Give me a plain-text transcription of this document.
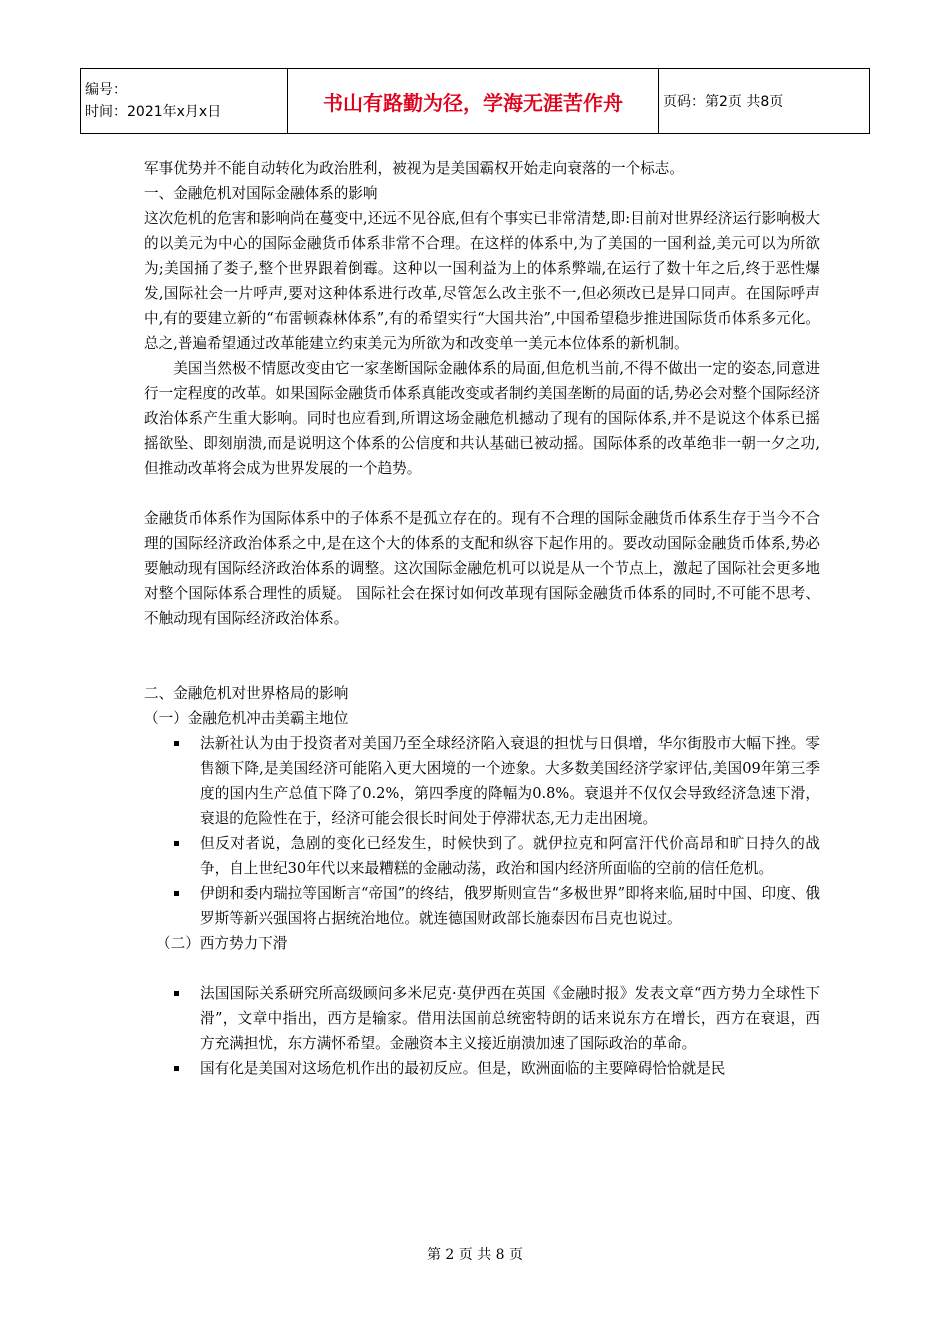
编号：
时间：2021年x月x日	书山有路勤为径，学海无涯苦作舟	页码：第2页 共8页

军事优势并不能自动转化为政治胜利，被视为是美国霸权开始走向衰落的一个标志。

一、金融危机对国际金融体系的影响

这次危机的危害和影响尚在蔓变中,还远不见谷底,但有个事实已非常清楚,即:目前对世界经济运行影响极大的以美元为中心的国际金融货币体系非常不合理。在这样的体系中,为了美国的一国利益,美元可以为所欲为;美国捅了娄子,整个世界跟着倒霉。这种以一国利益为上的体系弊端,在运行了数十年之后,终于恶性爆发,国际社会一片呼声,要对这种体系进行改革,尽管怎么改主张不一,但必须改已是异口同声。在国际呼声中,有的要建立新的“布雷顿森林体系”,有的希望实行“大国共治”,中国希望稳步推进国际货币体系多元化。总之,普遍希望通过改革能建立约束美元为所欲为和改变单一美元本位体系的新机制。

美国当然极不情愿改变由它一家垄断国际金融体系的局面,但危机当前,不得不做出一定的姿态,同意进行一定程度的改革。如果国际金融货币体系真能改变或者制约美国垄断的局面的话,势必会对整个国际经济政治体系产生重大影响。同时也应看到,所谓这场金融危机撼动了现有的国际体系,并不是说这个体系已摇摇欲坠、即刻崩溃,而是说明这个体系的公信度和共认基础已被动摇。国际体系的改革绝非一朝一夕之功,但推动改革将会成为世界发展的一个趋势。

金融货币体系作为国际体系中的子体系不是孤立存在的。现有不合理的国际金融货币体系生存于当今不合理的国际经济政治体系之中,是在这个大的体系的支配和纵容下起作用的。要改动国际金融货币体系,势必要触动现有国际经济政治体系的调整。这次国际金融危机可以说是从一个节点上，激起了国际社会更多地对整个国际体系合理性的质疑。 国际社会在探讨如何改革现有国际金融货币体系的同时,不可能不思考、不触动现有国际经济政治体系。

二、金融危机对世界格局的影响

（一）金融危机冲击美霸主地位

法新社认为由于投资者对美国乃至全球经济陷入衰退的担忧与日俱增，华尔街股市大幅下挫。零售额下降,是美国经济可能陷入更大困境的一个迹象。大多数美国经济学家评估,美国09年第三季度的国内生产总值下降了0.2%，第四季度的降幅为0.8%。衰退并不仅仅会导致经济急速下滑，衰退的危险性在于，经济可能会很长时间处于停滞状态,无力走出困境。
但反对者说，急剧的变化已经发生，时候快到了。就伊拉克和阿富汗代价高昂和旷日持久的战争，自上世纪30年代以来最糟糕的金融动荡，政治和国内经济所面临的空前的信任危机。
伊朗和委内瑞拉等国断言“帝国”的终结，俄罗斯则宣告“多极世界”即将来临,届时中国、印度、俄罗斯等新兴强国将占据统治地位。就连德国财政部长施泰因布吕克也说过。

（二）西方势力下滑

法国国际关系研究所高级顾问多米尼克·莫伊西在英国《金融时报》发表文章“西方势力全球性下滑”，文章中指出，西方是输家。借用法国前总统密特朗的话来说东方在增长，西方在衰退，西方充满担忧，东方满怀希望。金融资本主义接近崩溃加速了国际政治的革命。
国有化是美国对这场危机作出的最初反应。但是，欧洲面临的主要障碍恰恰就是民
第 2 页 共 8 页
